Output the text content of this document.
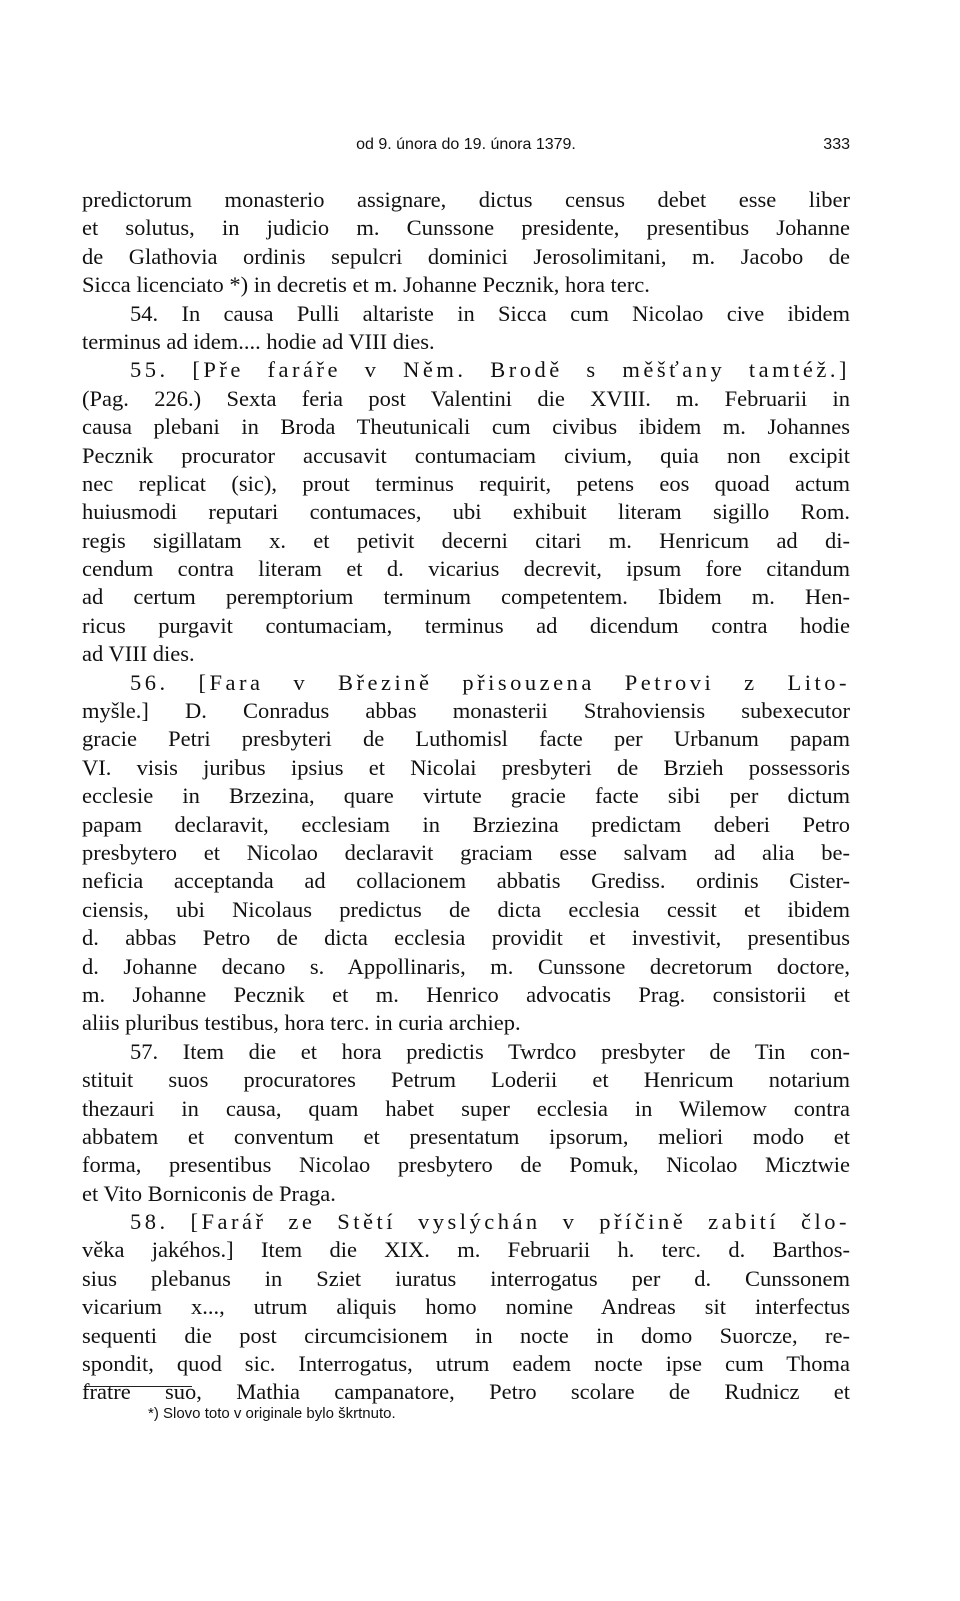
od 9. února do 19. února 1379.	333
predictorum monasterio assignare, dictus census debet esse liber
et solutus, in judicio m. Cunssone presidente, presentibus Johanne
de Glathovia ordinis sepulcri dominici Jerosolimitani, m. Jacobo de
Sicca licenciato *) in decretis et m. Johanne Pecznik, hora terc.
54. In causa Pulli altariste in Sicca cum Nicolao cive ibidem
terminus ad idem.... hodie ad VIII dies.
55. [Pře faráře v Něm. Brodě s měšťany tamtéž.]
(Pag. 226.) Sexta feria post Valentini die XVIII. m. Februarii in
causa plebani in Broda Theutunicali cum civibus ibidem m. Johannes
Pecznik procurator accusavit contumaciam civium, quia non excipit
nec replicat (sic), prout terminus requirit, petens eos quoad actum
huiusmodi reputari contumaces, ubi exhibuit literam sigillo Rom.
regis sigillatam x. et petivit decerni citari m. Henricum ad di-
cendum contra literam et d. vicarius decrevit, ipsum fore citandum
ad certum peremptorium terminum competentem. Ibidem m. Hen-
ricus purgavit contumaciam, terminus ad dicendum contra hodie
ad VIII dies.
56. [Fara v Březině přisouzena Petrovi z Lito-
myšle.] D. Conradus abbas monasterii Strahoviensis subexecutor
gracie Petri presbyteri de Luthomisl facte per Urbanum papam
VI. visis juribus ipsius et Nicolai presbyteri de Brzieh possessoris
ecclesie in Brzezina, quare virtute gracie facte sibi per dictum
papam declaravit, ecclesiam in Brziezina predictam deberi Petro
presbytero et Nicolao declaravit graciam esse salvam ad alia be-
neficia acceptanda ad collacionem abbatis Grediss. ordinis Cister-
ciensis, ubi Nicolaus predictus de dicta ecclesia cessit et ibidem
d. abbas Petro de dicta ecclesia providit et investivit, presentibus
d. Johanne decano s. Appollinaris, m. Cunssone decretorum doctore,
m. Johanne Pecznik et m. Henrico advocatis Prag. consistorii et
aliis pluribus testibus, hora terc. in curia archiep.
57. Item die et hora predictis Twrdco presbyter de Tin con-
stituit suos procuratores Petrum Loderii et Henricum notarium
thezauri in causa, quam habet super ecclesia in Wilemow contra
abbatem et conventum et presentatum ipsorum, meliori modo et
forma, presentibus Nicolao presbytero de Pomuk, Nicolao Micztwie
et Vito Borniconis de Praga.
58. [Farář ze Stětí vyslýchán v příčině zabití člo-
věka jakéhos.] Item die XIX. m. Februarii h. terc. d. Barthos-
sius plebanus in Sziet iuratus interrogatus per d. Cunssonem
vicarium x..., utrum aliquis homo nomine Andreas sit interfectus
sequenti die post circumcisionem in nocte in domo Suorcze, re-
spondit, quod sic. Interrogatus, utrum eadem nocte ipse cum Thoma
fratre suo, Mathia campanatore, Petro scolare de Rudnicz et
*) Slovo toto v originale bylo škrtnuto.
